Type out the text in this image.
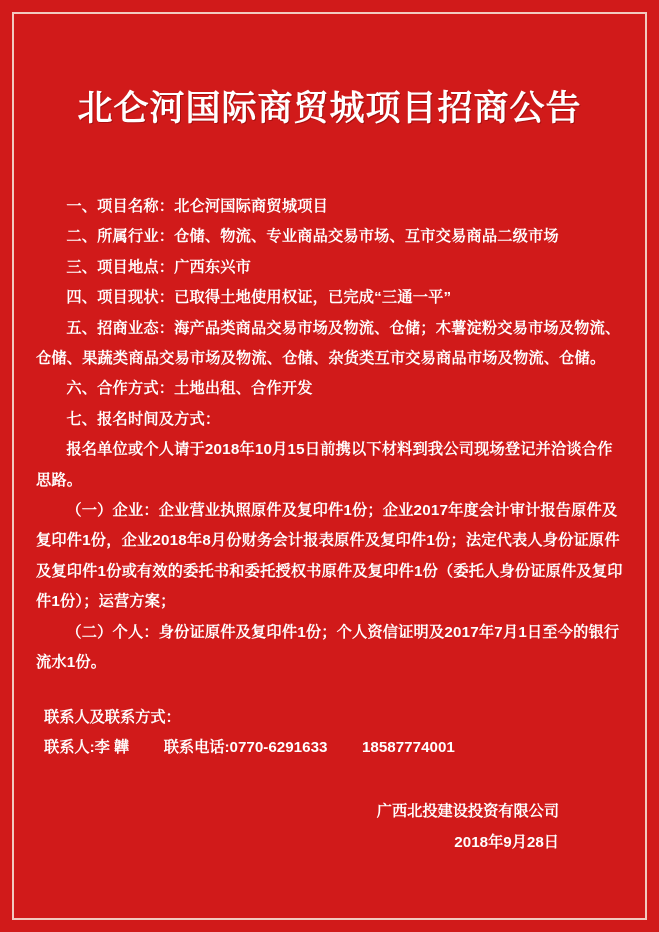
北仑河国际商贸城项目招商公告

一、项目名称：北仑河国际商贸城项目

二、所属行业：仓储、物流、专业商品交易市场、互市交易商品二级市场

三、项目地点：广西东兴市

四、项目现状：已取得土地使用权证，已完成“三通一平”

五、招商业态：海产品类商品交易市场及物流、仓储；木薯淀粉交易市场及物流、仓储、果蔬类商品交易市场及物流、仓储、杂货类互市交易商品市场及物流、仓储。

六、合作方式：土地出租、合作开发

七、报名时间及方式：

报名单位或个人请于2018年10月15日前携以下材料到我公司现场登记并洽谈合作思路。

（一）企业：企业营业执照原件及复印件1份；企业2017年度会计审计报告原件及复印件1份，企业2018年8月份财务会计报表原件及复印件1份；法定代表人身份证原件及复印件1份或有效的委托书和委托授权书原件及复印件1份（委托人身份证原件及复印件1份）；运营方案；

（二）个人：身份证原件及复印件1份；个人资信证明及2017年7月1日至今的银行流水1份。

联系人及联系方式：

联系人:李 韡 联系电话:0770-6291633 18587774001

广西北投建设投资有限公司

2018年9月28日
